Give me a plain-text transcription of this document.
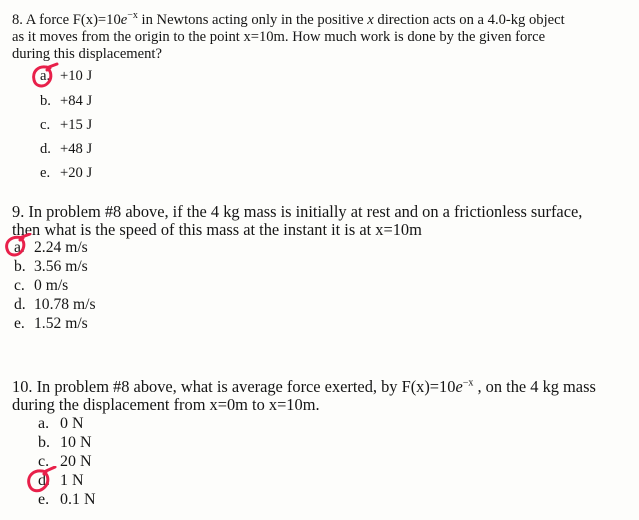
8. A force $F(x)=10e^{-x}$ in Newtons acting only in the positive x direction acts on a 4.0-kg object

as it moves from the origin to the point x=10m. How much work is done by the given force

during this displacement?

a. +10 J
b. +84 J
c. +15 J
d. +48 J
e. +20 J

9. In problem #8 above, if the 4 kg mass is initially at rest and on a frictionless surface,

then what is the speed of this mass at the instant it is at x=10m

a. 2.24 m/s
b. 3.56 m/s
c. 0 m/s
d. 10.78 m/s
e. 1.52 m/s

10. In problem #8 above, what is average force exerted, by $F(x)=10e^{-x}$ , on the 4 kg mass

during the displacement from x=0m to x=10m.

a. 0 N
b. 10 N
c. 20 N
d. 1 N
e. 0.1 N
